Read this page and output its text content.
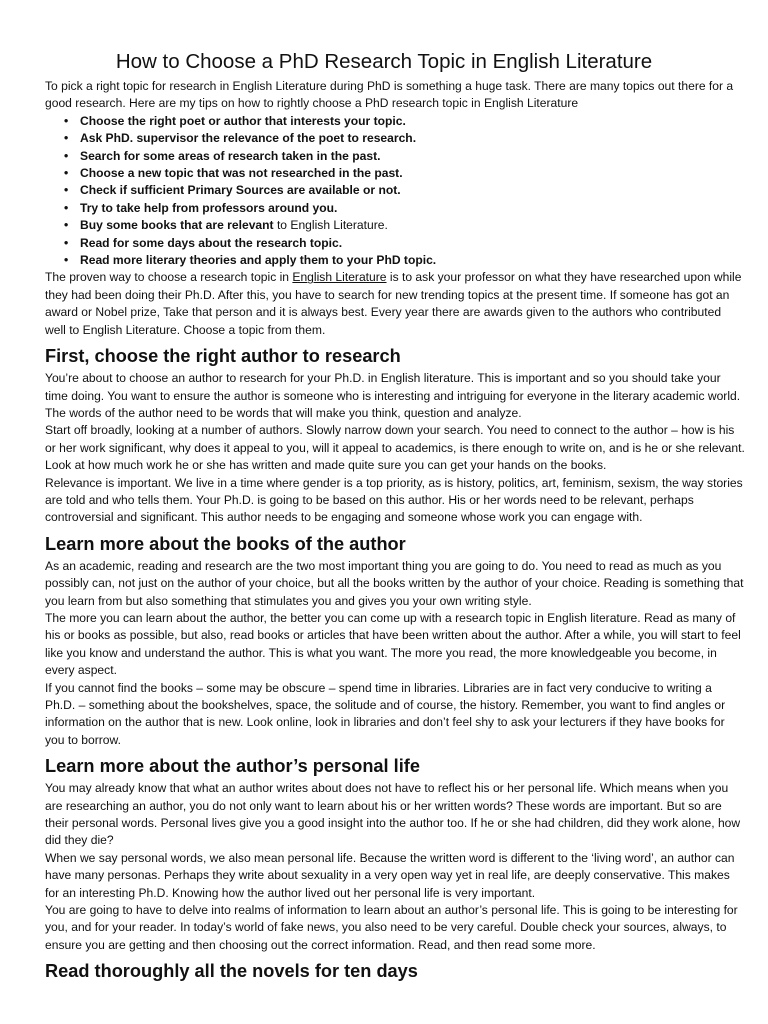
How to Choose a PhD Research Topic in English Literature

To pick a right topic for research in English Literature during PhD is something a huge task. There are many topics out there for a good research. Here are my tips on how to rightly choose a PhD research topic in English Literature

• Choose the right poet or author that interests your topic.
• Ask PhD. supervisor the relevance of the poet to research.
• Search for some areas of research taken in the past.
• Choose a new topic that was not researched in the past.
• Check if sufficient Primary Sources are available or not.
• Try to take help from professors around you.
• Buy some books that are relevant to English Literature.
• Read for some days about the research topic.
• Read more literary theories and apply them to your PhD topic.

The proven way to choose a research topic in English Literature is to ask your professor on what they have researched upon while they had been doing their Ph.D. After this, you have to search for new trending topics at the present time. If someone has got an award or Nobel prize, Take that person and it is always best. Every year there are awards given to the authors who contributed well to English Literature. Choose a topic from them.

First, choose the right author to research

You’re about to choose an author to research for your Ph.D. in English literature. This is important and so you should take your time doing. You want to ensure the author is someone who is interesting and intriguing for everyone in the literary academic world. The words of the author need to be words that will make you think, question and analyze.

Start off broadly, looking at a number of authors. Slowly narrow down your search. You need to connect to the author – how is his or her work significant, why does it appeal to you, will it appeal to academics, is there enough to write on, and is he or she relevant. Look at how much work he or she has written and made quite sure you can get your hands on the books.

Relevance is important. We live in a time where gender is a top priority, as is history, politics, art, feminism, sexism, the way stories are told and who tells them. Your Ph.D. is going to be based on this author. His or her words need to be relevant, perhaps controversial and significant. This author needs to be engaging and someone whose work you can engage with.

Learn more about the books of the author

As an academic, reading and research are the two most important thing you are going to do. You need to read as much as you possibly can, not just on the author of your choice, but all the books written by the author of your choice. Reading is something that you learn from but also something that stimulates you and gives you your own writing style.

The more you can learn about the author, the better you can come up with a research topic in English literature. Read as many of his or books as possible, but also, read books or articles that have been written about the author. After a while, you will start to feel like you know and understand the author. This is what you want. The more you read, the more knowledgeable you become, in every aspect.

If you cannot find the books – some may be obscure – spend time in libraries. Libraries are in fact very conducive to writing a Ph.D. – something about the bookshelves, space, the solitude and of course, the history. Remember, you want to find angles or information on the author that is new. Look online, look in libraries and don’t feel shy to ask your lecturers if they have books for you to borrow.

Learn more about the author’s personal life

You may already know that what an author writes about does not have to reflect his or her personal life. Which means when you are researching an author, you do not only want to learn about his or her written words? These words are important. But so are their personal words. Personal lives give you a good insight into the author too. If he or she had children, did they work alone, how did they die?

When we say personal words, we also mean personal life. Because the written word is different to the ‘living word’, an author can have many personas. Perhaps they write about sexuality in a very open way yet in real life, are deeply conservative. This makes for an interesting Ph.D. Knowing how the author lived out her personal life is very important.

You are going to have to delve into realms of information to learn about an author’s personal life. This is going to be interesting for you, and for your reader. In today’s world of fake news, you also need to be very careful. Double check your sources, always, to ensure you are getting and then choosing out the correct information. Read, and then read some more.

Read thoroughly all the novels for ten days
